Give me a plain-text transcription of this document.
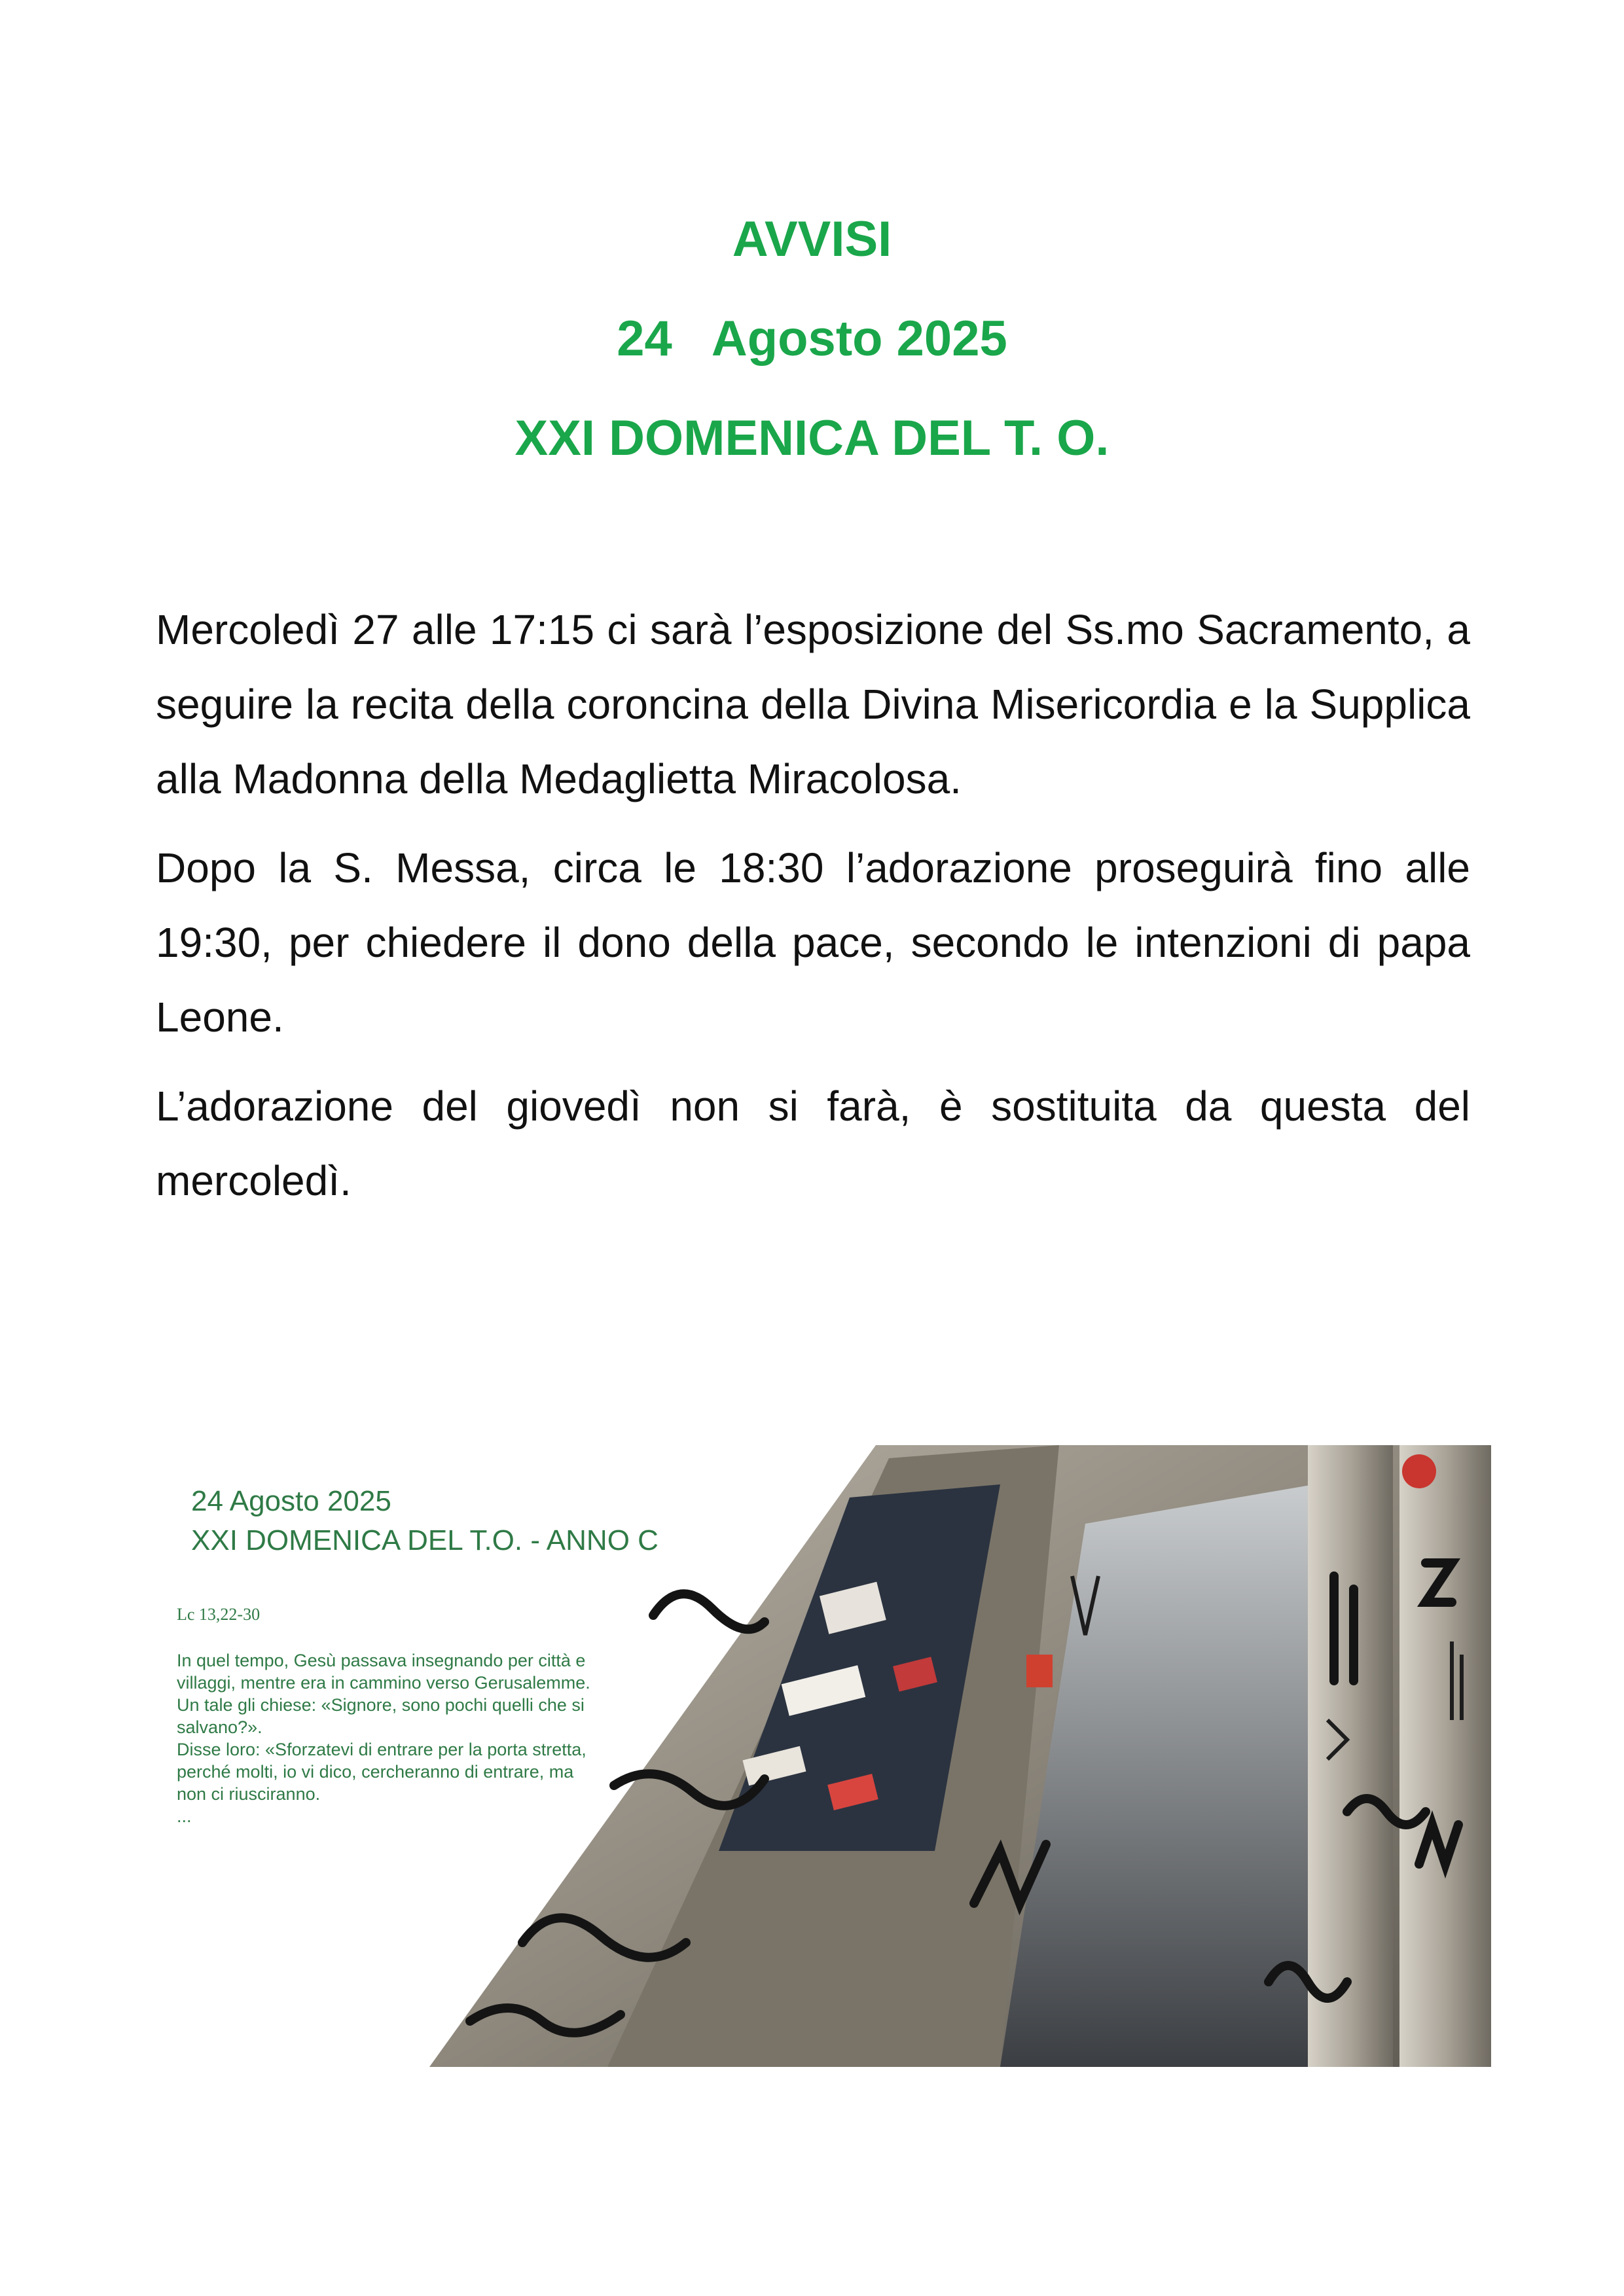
AVVISI
24 Agosto 2025
XXI DOMENICA DEL T. O.

Mercoledì 27 alle 17:15 ci sarà l’esposizione del Ss.mo Sacramento, a seguire la recita della coroncina della Divina Misericordia e la Supplica alla Madonna della Medaglietta Miracolosa.

Dopo la S. Messa, circa le 18:30 l’adorazione proseguirà fino alle 19:30, per chiedere il dono della pace, secondo le intenzioni di papa Leone.

L’adorazione del giovedì non si farà, è sostituita da questa del mercoledì.

24 Agosto 2025
XXI DOMENICA DEL T.O. - ANNO C
Lc 13,22-30
In quel tempo, Gesù passava insegnando per città e
villaggi, mentre era in cammino verso Gerusalemme.
Un tale gli chiese: «Signore, sono pochi quelli che si
salvano?».
Disse loro: «Sforzatevi di entrare per la porta stretta,
perché molti, io vi dico, cercheranno di entrare, ma
non ci riusciranno.
...
